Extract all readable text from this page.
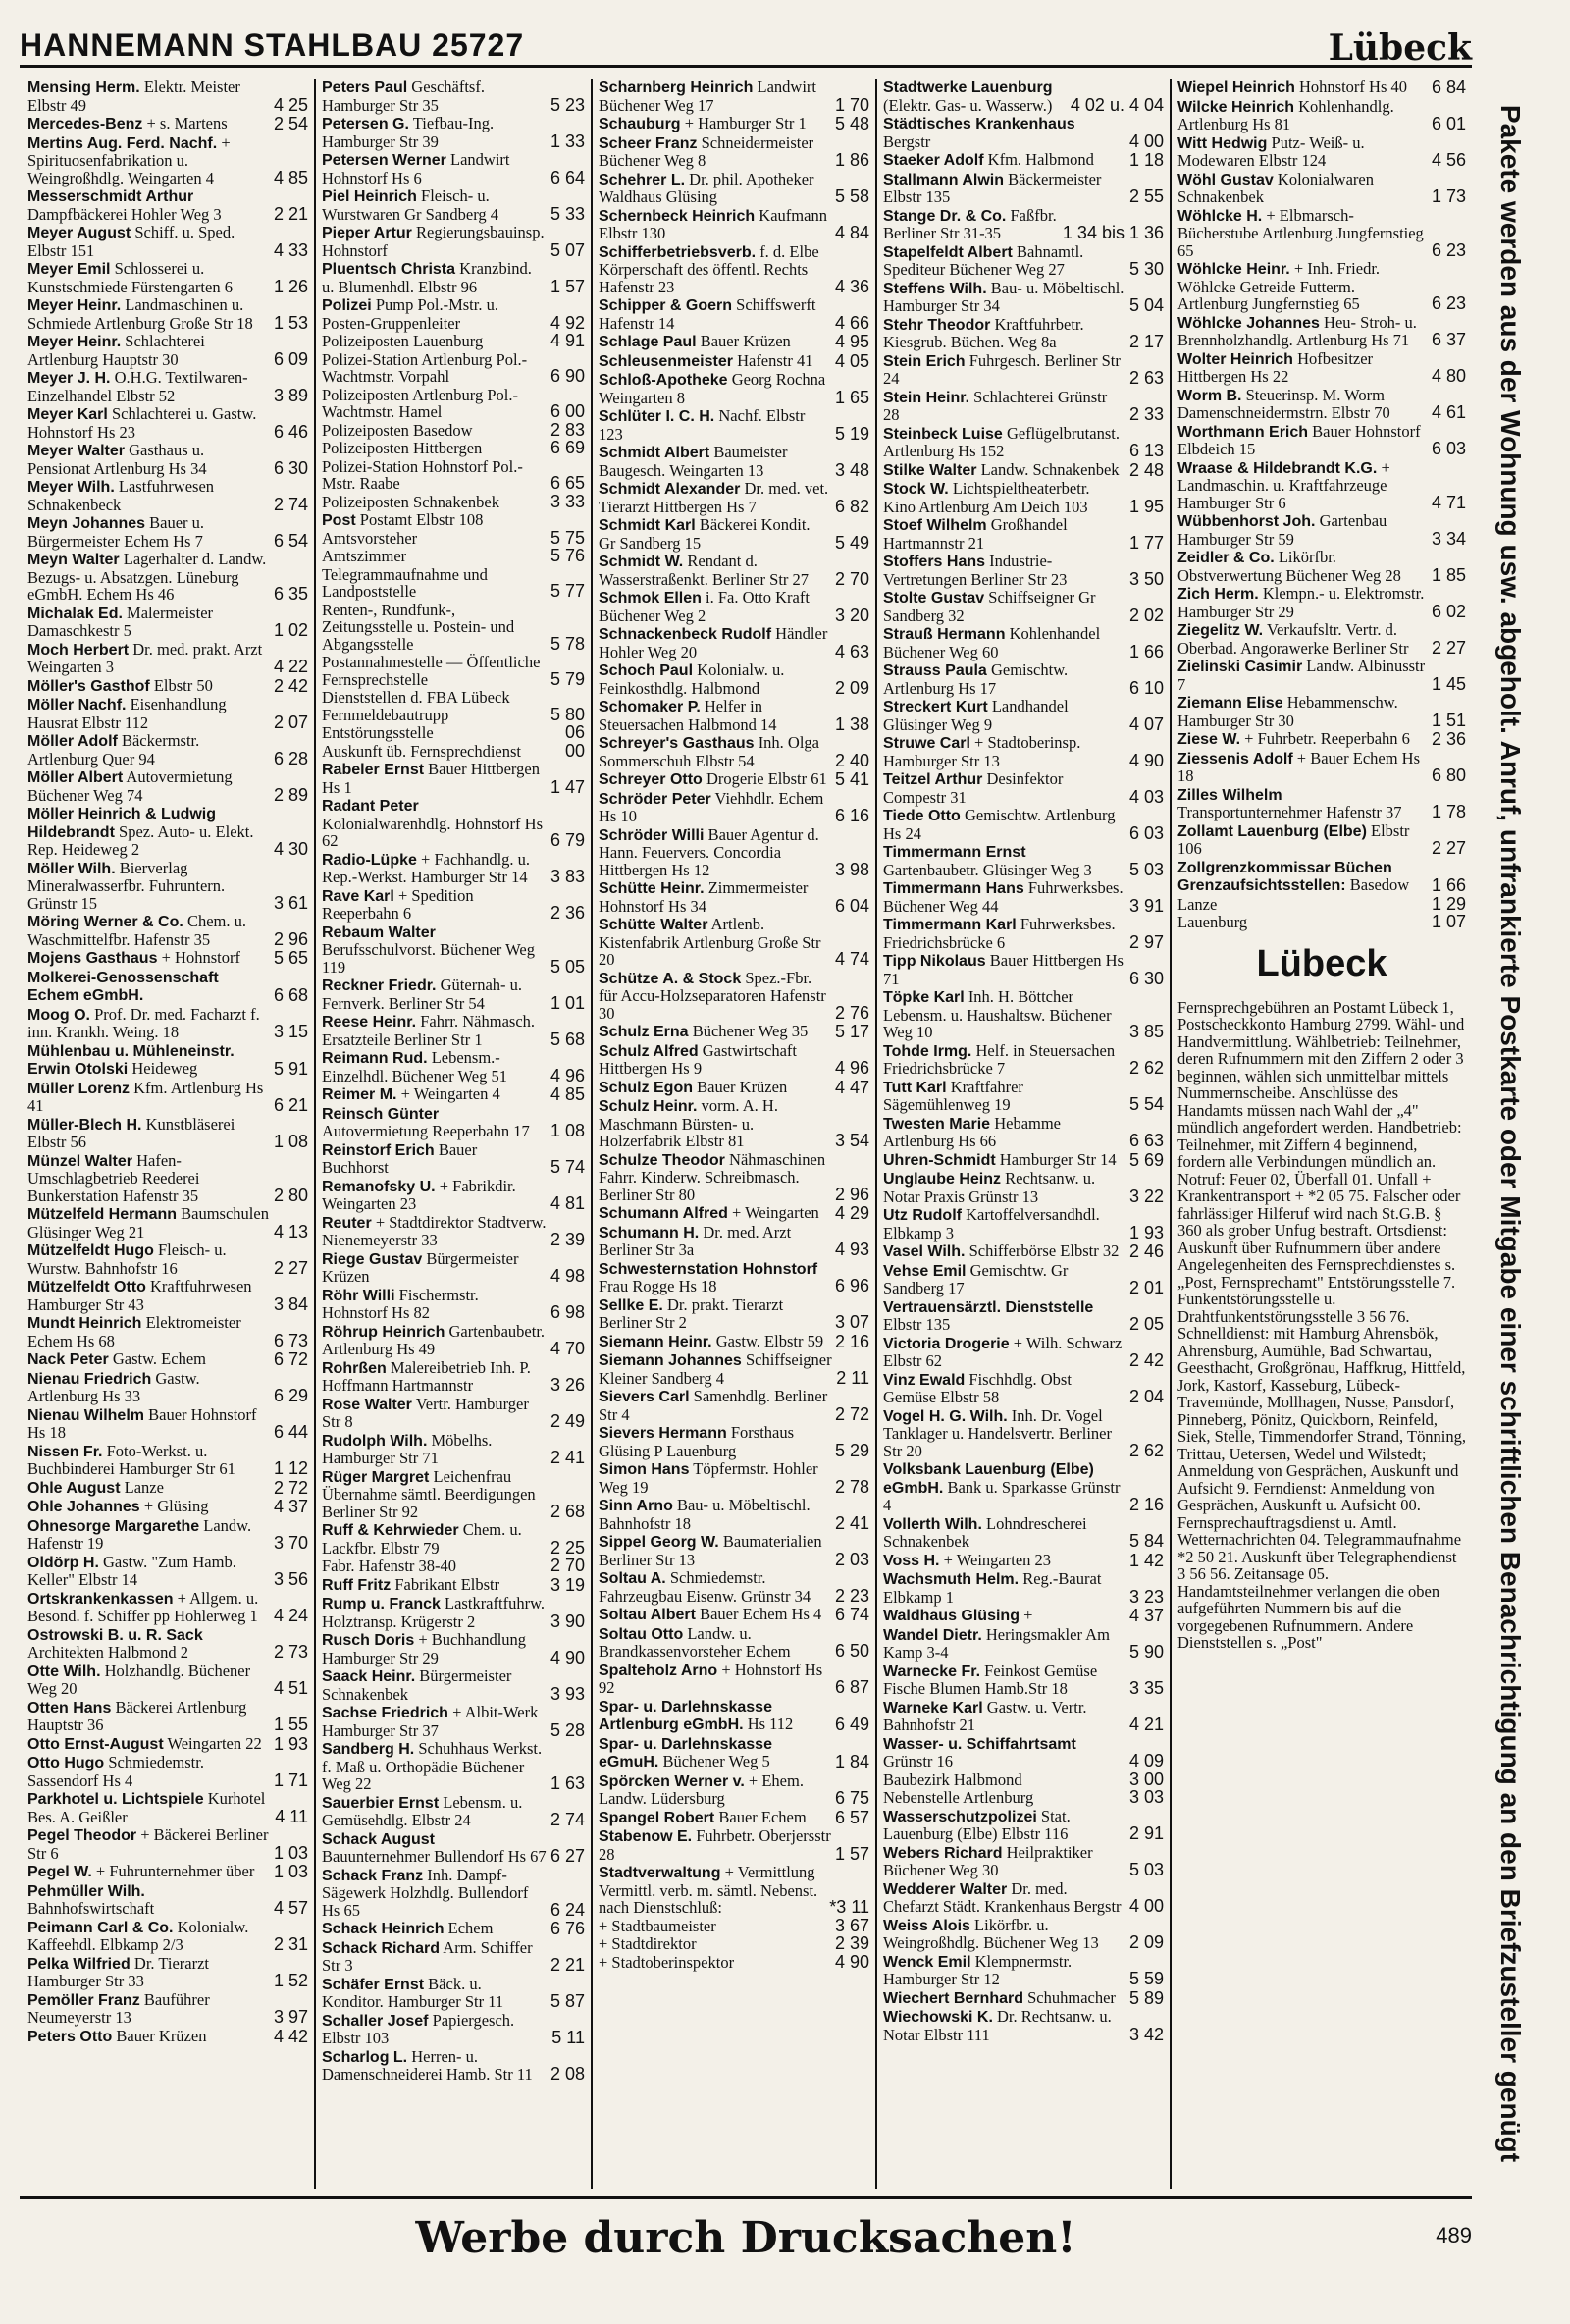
HANNEMANN STAHLBAU 25727	Lübeck
Mensing Herm. Elektr. Meister Elbstr 49	4 25
Mercedes-Benz + s. Martens	2 54
Mertins Aug. Ferd. Nachf. + Spirituosenfabrikation u. Weingroßhdlg. Weingarten 4	4 85
Messerschmidt Arthur Dampfbäckerei Hohler Weg 3	2 21
Meyer August Schiff. u. Sped. Elbstr 151	4 33
Meyer Emil Schlosserei u. Kunstschmiede Fürstengarten 6	1 26
Meyer Heinr. Landmaschinen u. Schmiede Artlenburg Große Str 18	1 53
Meyer Heinr. Schlachterei Artlenburg Hauptstr 30	6 09
Meyer J. H. O.H.G. Textilwaren-Einzelhandel Elbstr 52	3 89
Meyer Karl Schlachterei u. Gastw. Hohnstorf Hs 23	6 46
Meyer Walter Gasthaus u. Pensionat Artlenburg Hs 34	6 30
Meyer Wilh. Lastfuhrwesen Schnakenbeck	2 74
Meyn Johannes Bauer u. Bürgermeister Echem Hs 7	6 54
Meyn Walter Lagerhalter d. Landw. Bezugs- u. Absatzgen. Lüneburg eGmbH. Echem Hs 46	6 35
Michalak Ed. Malermeister Damaschkestr 5	1 02
Moch Herbert Dr. med. prakt. Arzt Weingarten 3	4 22
Möller's Gasthof Elbstr 50	2 42
Möller Nachf. Eisenhandlung Hausrat Elbstr 112	2 07
Möller Adolf Bäckermstr. Artlenburg Quer 94	6 28
Möller Albert Autovermietung Büchener Weg 74	2 89
Möller Heinrich & Ludwig Hildebrandt Spez. Auto- u. Elekt. Rep. Heideweg 2	4 30
Möller Wilh. Bierverlag Mineralwasserfbr. Fuhruntern. Grünstr 15	3 61
Möring Werner & Co. Chem. u. Waschmittelfbr. Hafenstr 35	2 96
Mojens Gasthaus + Hohnstorf	5 65
Molkerei-Genossenschaft Echem eGmbH.	6 68
Moog O. Prof. Dr. med. Facharzt f. inn. Krankh. Weing. 18	3 15
Mühlenbau u. Mühleneinstr. Erwin Otolski Heideweg	5 91
Müller Lorenz Kfm. Artlenburg Hs 41	6 21
Müller-Blech H. Kunstbläserei Elbstr 56	1 08
Münzel Walter Hafen-Umschlagbetrieb Reederei Bunkerstation Hafenstr 35	2 80
Mützelfeld Hermann Baumschulen Glüsinger Weg 21	4 13
Mützelfeldt Hugo Fleisch- u. Wurstw. Bahnhofstr 16	2 27
Mützelfeldt Otto Kraftfuhrwesen Hamburger Str 43	3 84
Mundt Heinrich Elektromeister Echem Hs 68	6 73
Nack Peter Gastw. Echem	6 72
Nienau Friedrich Gastw. Artlenburg Hs 33	6 29
Nienau Wilhelm Bauer Hohnstorf Hs 18	6 44
Nissen Fr. Foto-Werkst. u. Buchbinderei Hamburger Str 61	1 12
Ohle August Lanze	2 72
Ohle Johannes + Glüsing	4 37
Ohnesorge Margarethe Landw. Hafenstr 19	3 70
Oldörp H. Gastw. "Zum Hamb. Keller" Elbstr 14	3 56
Ortskrankenkassen + Allgem. u. Besond. f. Schiffer pp Hohlerweg 1 4 24
Ostrowski B. u. R. Sack Architekten Halbmond 2	2 73
Otte Wilh. Holzhandlg. Büchener Weg 20	4 51
Otten Hans Bäckerei Artlenburg Hauptstr 36	1 55
Otto Ernst-August Weingarten 22 1 93
Otto Hugo Schmiedemstr. Sassendorf Hs 4	1 71
Parkhotel u. Lichtspiele Kurhotel Bes. A. Geißler	4 11
Pegel Theodor + Bäckerei Berliner Str 6	1 03
Pegel W. + Fuhrunternehmer über	1 03
Pehmüller Wilh. Bahnhofswirtschaft	4 57
Peimann Carl & Co. Kolonialw. Kaffeehdl. Elbkamp 2/3	2 31
Pelka Wilfried Dr. Tierarzt Hamburger Str 33	1 52
Pemöller Franz Bauführer Neumeyerstr 13	3 97
Peters Otto Bauer Krüzen	4 42
Peters Paul Geschäftsf. Hamburger Str 35	5 23
Petersen G. Tiefbau-Ing. Hamburger Str 39	1 33
Petersen Werner Landwirt Hohnstorf Hs 6	6 64
Piel Heinrich Fleisch- u. Wurstwaren Gr Sandberg 4	5 33
Pieper Artur Regierungsbauinsp. Hohnstorf	5 07
Pluentsch Christa Kranzbind. u. Blumenhdl. Elbstr 96	1 57
Polizei Pump Pol.-Mstr. u. Posten-Gruppenleiter	4 92
Polizeiposten Lauenburg	4 91
Polizei-Station Artlenburg Pol.-Wachtmstr. Vorpahl	6 90
Polizeiposten Artlenburg Pol.-Wachtmstr. Hamel	6 00
Polizeiposten Basedow	2 83
Polizeiposten Hittbergen	6 69
Polizei-Station Hohnstorf Pol.-Mstr. Raabe	6 65
Polizeiposten Schnakenbek	3 33
Post Postamt Elbstr 108 Amtsvorsteher	5 75
Amtszimmer	5 76
Telegrammaufnahme und Landpoststelle	5 77
Renten-, Rundfunk-, Zeitungsstelle u. Postein- und Abgangsstelle	5 78
Postannahmestelle — Öffentliche Fernsprechstelle	5 79
Dienststellen d. FBA Lübeck Fernmeldebautrupp	5 80
Entstörungsstelle	06
Auskunft üb. Fernsprechdienst	00
Rabeler Ernst Bauer Hittbergen Hs 1	1 47
Radant Peter Kolonialwarenhdlg. Hohnstorf Hs 62	6 79
Radio-Lüpke + Fachhandlg. u. Rep.-Werkst. Hamburger Str 14	3 83
Rave Karl + Spedition Reeperbahn 6	2 36
Rebaum Walter Berufsschulvorst. Büchener Weg 119	5 05
Reckner Friedr. Güternah- u. Fernverk. Berliner Str 54	1 01
Reese Heinr. Fahrr. Nähmasch. Ersatzteile Berliner Str 1	5 68
Reimann Rud. Lebensm.-Einzelhdl. Büchener Weg 51	4 96
Reimer M. + Weingarten 4	4 85
Reinsch Günter Autovermietung Reeperbahn 17	1 08
Reinstorf Erich Bauer Buchhorst	5 74
Remanofsky U. + Fabrikdir. Weingarten 23	4 81
Reuter + Stadtdirektor Stadtverw. Nienemeyerstr 33	2 39
Riege Gustav Bürgermeister Krüzen	4 98
Röhr Willi Fischermstr. Hohnstorf Hs 82	6 98
Röhrup Heinrich Gartenbaubetr. Artlenburg Hs 49	4 70
Rohrßen Malereibetrieb Inh. P. Hoffmann Hartmannstr	3 26
Rose Walter Vertr. Hamburger Str 8	2 49
Rudolph Wilh. Möbelhs. Hamburger Str 71	2 41
Rüger Margret Leichenfrau Übernahme sämtl. Beerdigungen Berliner Str 92	2 68
Ruff & Kehrwieder Chem. u. Lackfbr. Elbstr 79	2 25
Fabr. Hafenstr 38-40	2 70
Ruff Fritz Fabrikant Elbstr	3 19
Rump u. Franck Lastkraftfuhrw. Holztransp. Krügerstr 2	3 90
Rusch Doris + Buchhandlung Hamburger Str 29	4 90
Saack Heinr. Bürgermeister Schnakenbek	3 93
Sachse Friedrich + Albit-Werk Hamburger Str 37	5 28
Sandberg H. Schuhhaus Werkst. f. Maß u. Orthopädie Büchener Weg 22	1 63
Sauerbier Ernst Lebensm. u. Gemüsehdlg. Elbstr 24	2 74
Schack August Bauunternehmer Bullendorf Hs 67 6 27
Schack Franz Inh. Dampf-Sägewerk Holzhdlg. Bullendorf Hs 65	6 24
Schack Heinrich Echem	6 76
Schack Richard Arm. Schiffer Str 3	2 21
Schäfer Ernst Bäck. u. Konditor. Hamburger Str 11	5 87
Schaller Josef Papiergesch. Elbstr 103	5 11
Scharlog L. Herren- u. Damenschneiderei Hamb. Str 11	2 08
Scharnberg Heinrich Landwirt Büchener Weg 17	1 70
Schauburg + Hamburger Str 1	5 48
Scheer Franz Schneidermeister Büchener Weg 8	1 86
Schehrer L. Dr. phil. Apotheker Waldhaus Glüsing	5 58
Schernbeck Heinrich Kaufmann Elbstr 130	4 84
Schifferbetriebsverb. f. d. Elbe Körperschaft des öffentl. Rechts Hafenstr 23	4 36
Schipper & Goern Schiffswerft Hafenstr 14	4 66
Schlage Paul Bauer Krüzen	4 95
Schleusenmeister Hafenstr 41	4 05
Schloß-Apotheke Georg Rochna Weingarten 8	1 65
Schlüter I. C. H. Nachf. Elbstr 123	5 19
Schmidt Albert Baumeister Baugesch. Weingarten 13	3 48
Schmidt Alexander Dr. med. vet. Tierarzt Hittbergen Hs 7	6 82
Schmidt Karl Bäckerei Kondit. Gr Sandberg 15	5 49
Schmidt W. Rendant d. Wasserstraßenkt. Berliner Str 27	2 70
Schmok Ellen i. Fa. Otto Kraft Büchener Weg 2	3 20
Schnackenbeck Rudolf Händler Hohler Weg 20	4 63
Schoch Paul Kolonialw. u. Feinkosthdlg. Halbmond	2 09
Schomaker P. Helfer in Steuersachen Halbmond 14	1 38
Schreyer's Gasthaus Inh. Olga Sommerschuh Elbstr 54	2 40
Schreyer Otto Drogerie Elbstr 61 5 41
Schröder Peter Viehhdlr. Echem Hs 10	6 16
Schröder Willi Bauer Agentur d. Hann. Feuervers. Concordia Hittbergen Hs 12	3 98
Schütte Heinr. Zimmermeister Hohnstorf Hs 34	6 04
Schütte Walter Artlenb. Kistenfabrik Artlenburg Große Str 20	4 74
Schütze A. & Stock Spez.-Fbr. für Accu-Holzseparatoren Hafenstr 30	2 76
Schulz Erna Büchener Weg 35	5 17
Schulz Alfred Gastwirtschaft Hittbergen Hs 9	4 96
Schulz Egon Bauer Krüzen	4 47
Schulz Heinr. vorm. A. H. Maschmann Bürsten- u. Holzerfabrik Elbstr 81	3 54
Schulze Theodor Nähmaschinen Fahrr. Kinderw. Schreibmasch. Berliner Str 80	2 96
Schumann Alfred + Weingarten 4 29
Schumann H. Dr. med. Arzt Berliner Str 3a	4 93
Schwesternstation Hohnstorf Frau Rogge Hs 18	6 96
Sellke E. Dr. prakt. Tierarzt Berliner Str 2	3 07
Siemann Heinr. Gastw. Elbstr 59 2 16
Siemann Johannes Schiffseigner Kleiner Sandberg 4	2 11
Sievers Carl Samenhdlg. Berliner Str 4	2 72
Sievers Hermann Forsthaus Glüsing P Lauenburg	5 29
Simon Hans Töpfermstr. Hohler Weg 19	2 78
Sinn Arno Bau- u. Möbeltischl. Bahnhofstr 18	2 41
Sippel Georg W. Baumaterialien Berliner Str 13	2 03
Soltau A. Schmiedemstr. Fahrzeugbau Eisenw. Grünstr 34	2 23
Soltau Albert Bauer Echem Hs 4 6 74
Soltau Otto Landw. u. Brandkassenvorsteher Echem	6 50
Spalteholz Arno + Hohnstorf Hs 92	6 87
Spar- u. Darlehnskasse Artlenburg eGmbH. Hs 112	6 49
Spar- u. Darlehnskasse eGmuH. Büchener Weg 5	1 84
Spörcken Werner v. + Ehem. Landw. Lüdersburg	6 75
Spangel Robert Bauer Echem	6 57
Stabenow E. Fuhrbetr. Oberjersstr 28	1 57
Stadtverwaltung + Vermittlung Vermittl. verb. m. sämtl. Nebenst. nach Dienstschluß:	*3 11
+ Stadtbaumeister	3 67
+ Stadtdirektor	2 39
+ Stadtoberinspektor	4 90
Stadtwerke Lauenburg (Elektr. Gas- u. Wasserw.)	4 02 u. 4 04
Städtisches Krankenhaus Bergstr	4 00
Staeker Adolf Kfm. Halbmond	1 18
Stallmann Alwin Bäckermeister Elbstr 135	2 55
Stange Dr. & Co. Faßfbr. Berliner Str 31-35	1 34 bis 1 36
Stapelfeldt Albert Bahnamtl. Spediteur Büchener Weg 27	5 30
Steffens Wilh. Bau- u. Möbeltischl. Hamburger Str 34	5 04
Stehr Theodor Kraftfuhrbetr. Kiesgrub. Büchen. Weg 8a	2 17
Stein Erich Fuhrgesch. Berliner Str 24	2 63
Stein Heinr. Schlachterei Grünstr 28	2 33
Steinbeck Luise Geflügelbrutanst. Artlenburg Hs 152	6 13
Stilke Walter Landw. Schnakenbek 2 48
Stock W. Lichtspieltheaterbetr. Kino Artlenburg Am Deich 103	1 95
Stoef Wilhelm Großhandel Hartmannstr 21	1 77
Stoffers Hans Industrie-Vertretungen Berliner Str 23	3 50
Stolte Gustav Schiffseigner Gr Sandberg 32	2 02
Strauß Hermann Kohlenhandel Büchener Weg 60	1 66
Strauss Paula Gemischtw. Artlenburg Hs 17	6 10
Streckert Kurt Landhandel Glüsinger Weg 9	4 07
Struwe Carl + Stadtoberinsp. Hamburger Str 13	4 90
Teitzel Arthur Desinfektor Compestr 31	4 03
Tiede Otto Gemischtw. Artlenburg Hs 24	6 03
Timmermann Ernst Gartenbaubetr. Glüsinger Weg 3	5 03
Timmermann Hans Fuhrwerksbes. Büchener Weg 44	3 91
Timmermann Karl Fuhrwerksbes. Friedrichsbrücke 6	2 97
Tipp Nikolaus Bauer Hittbergen Hs 71	6 30
Töpke Karl Inh. H. Böttcher Lebensm. u. Haushaltsw. Büchener Weg 10	3 85
Tohde Irmg. Helf. in Steuersachen Friedrichsbrücke 7	2 62
Tutt Karl Kraftfahrer Sägemühlenweg 19	5 54
Twesten Marie Hebamme Artlenburg Hs 66	6 63
Uhren-Schmidt Hamburger Str 14 5 69
Unglaube Heinz Rechtsanw. u. Notar Praxis Grünstr 13	3 22
Utz Rudolf Kartoffelversandhdl. Elbkamp 3	1 93
Vasel Wilh. Schifferbörse Elbstr 32 2 46
Vehse Emil Gemischtw. Gr Sandberg 17	2 01
Vertrauensärztl. Dienststelle Elbstr 135	2 05
Victoria Drogerie + Wilh. Schwarz Elbstr 62	2 42
Vinz Ewald Fischhdlg. Obst Gemüse Elbstr 58	2 04
Vogel H. G. Wilh. Inh. Dr. Vogel Tanklager u. Handelsvertr. Berliner Str 20	2 62
Volksbank Lauenburg (Elbe) eGmbH. Bank u. Sparkasse Grünstr 4	2 16
Vollerth Wilh. Lohndrescherei Schnakenbek	5 84
Voss H. + Weingarten 23	1 42
Wachsmuth Helm. Reg.-Baurat Elbkamp 1	3 23
Waldhaus Glüsing +	4 37
Wandel Dietr. Heringsmakler Am Kamp 3-4	5 90
Warnecke Fr. Feinkost Gemüse Fische Blumen Hamb.Str 18	3 35
Warneke Karl Gastw. u. Vertr. Bahnhofstr 21	4 21
Wasser- u. Schiffahrtsamt Grünstr 16	4 09
Baubezirk Halbmond	3 00
Nebenstelle Artlenburg	3 03
Wasserschutzpolizei Stat. Lauenburg (Elbe) Elbstr 116	2 91
Webers Richard Heilpraktiker Büchener Weg 30	5 03
Wedderer Walter Dr. med. Chefarzt Städt. Krankenhaus Bergstr 4 00
Weiss Alois Likörfbr. u. Weingroßhdlg. Büchener Weg 13	2 09
Wenck Emil Klempnermstr. Hamburger Str 12	5 59
Wiechert Bernhard Schuhmacher 5 89
Wiechowski K. Dr. Rechtsanw. u. Notar Elbstr 111	3 42
Wiepel Heinrich Hohnstorf Hs 40	6 84
Wilcke Heinrich Kohlenhandlg. Artlenburg Hs 81	6 01
Witt Hedwig Putz- Weiß- u. Modewaren Elbstr 124	4 56
Wöhl Gustav Kolonialwaren Schnakenbek	1 73
Wöhlcke H. + Elbmarsch-Bücherstube Artlenburg Jungfernstieg 65	6 23
Wöhlcke Heinr. + Inh. Friedr. Wöhlcke Getreide Futterm. Artlenburg Jungfernstieg 65	6 23
Wöhlcke Johannes Heu- Stroh- u. Brennholzhandlg. Artlenburg Hs 71	6 37
Wolter Heinrich Hofbesitzer Hittbergen Hs 22	4 80
Worm B. Steuerinsp. M. Worm Damenschneidermstrn. Elbstr 70	4 61
Worthmann Erich Bauer Hohnstorf Elbdeich 15	6 03
Wraase & Hildebrandt K.G. + Landmaschin. u. Kraftfahrzeuge Hamburger Str 6	4 71
Wübbenhorst Joh. Gartenbau Hamburger Str 59	3 34
Zeidler & Co. Likörfbr. Obstverwertung Büchener Weg 28	1 85
Zich Herm. Klempn.- u. Elektromstr. Hamburger Str 29	6 02
Ziegelitz W. Verkaufsltr. Vertr. d. Oberbad. Angorawerke Berliner Str	2 27
Zielinski Casimir Landw. Albinusstr 7	1 45
Ziemann Elise Hebammenschw. Hamburger Str 30	1 51
Ziese W. + Fuhrbetr. Reeperbahn 6	2 36
Ziessenis Adolf + Bauer Echem Hs 18	6 80
Zilles Wilhelm Transportunternehmer Hafenstr 37	1 78
Zollamt Lauenburg (Elbe) Elbstr 106	2 27
Zollgrenzkommissar Büchen Grenzaufsichtsstellen: Basedow	1 66
Lanze	1 29
Lauenburg	1 07
Lübeck
Fernsprechgebühren an Postamt Lübeck 1, Postscheckkonto Hamburg 2799. Wähl- und Handvermittlung. Wählbetrieb: Teilnehmer, deren Rufnummern mit den Ziffern 2 oder 3 beginnen, wählen sich unmittelbar mittels Nummernscheibe. Anschlüsse des Handamts müssen nach Wahl der „4" mündlich angefordert werden. Handbetrieb: Teilnehmer, mit Ziffern 4 beginnend, fordern alle Verbindungen mündlich an. Notruf: Feuer 02, Überfall 01. Unfall + Krankentransport + *2 05 75. Falscher oder fahrlässiger Hilferuf wird nach St.G.B. § 360 als grober Unfug bestraft. Ortsdienst: Auskunft über Rufnummern über andere Angelegenheiten des Fernsprechdienstes s. „Post, Fernsprechamt" Entstörungsstelle 7. Funkentstörungsstelle u. Drahtfunkentstörungsstelle 3 56 76. Schnelldienst: mit Hamburg Ahrensbök, Ahrensburg, Aumühle, Bad Schwartau, Geesthacht, Großgrönau, Haffkrug, Hittfeld, Jork, Kastorf, Kasseburg, Lübeck-Travemünde, Mollhagen, Nusse, Pansdorf, Pinneberg, Pönitz, Quickborn, Reinfeld, Siek, Stelle, Timmendorfer Strand, Tönning, Trittau, Uetersen, Wedel und Wilstedt; Anmeldung von Gesprächen, Auskunft und Aufsicht 9. Ferndienst: Anmeldung von Gesprächen, Auskunft u. Aufsicht 00. Fernsprechauftragsdienst u. Amtl. Wetternachrichten 04. Telegrammaufnahme *2 50 21. Auskunft über Telegraphendienst 3 56 56. Zeitansage 05. Handamtsteilnehmer verlangen die oben aufgeführten Nummern bis auf die vorgegebenen Rufnummern. Andere Dienststellen s. „Post"	Pakete werden aus der Wohnung usw. abgeholt. Anruf, unfrankierte Postkarte oder Mitgabe einer schriftlichen Benachrichtigung an den Briefzusteller genügt
Werbe durch Drucksachen!	489
